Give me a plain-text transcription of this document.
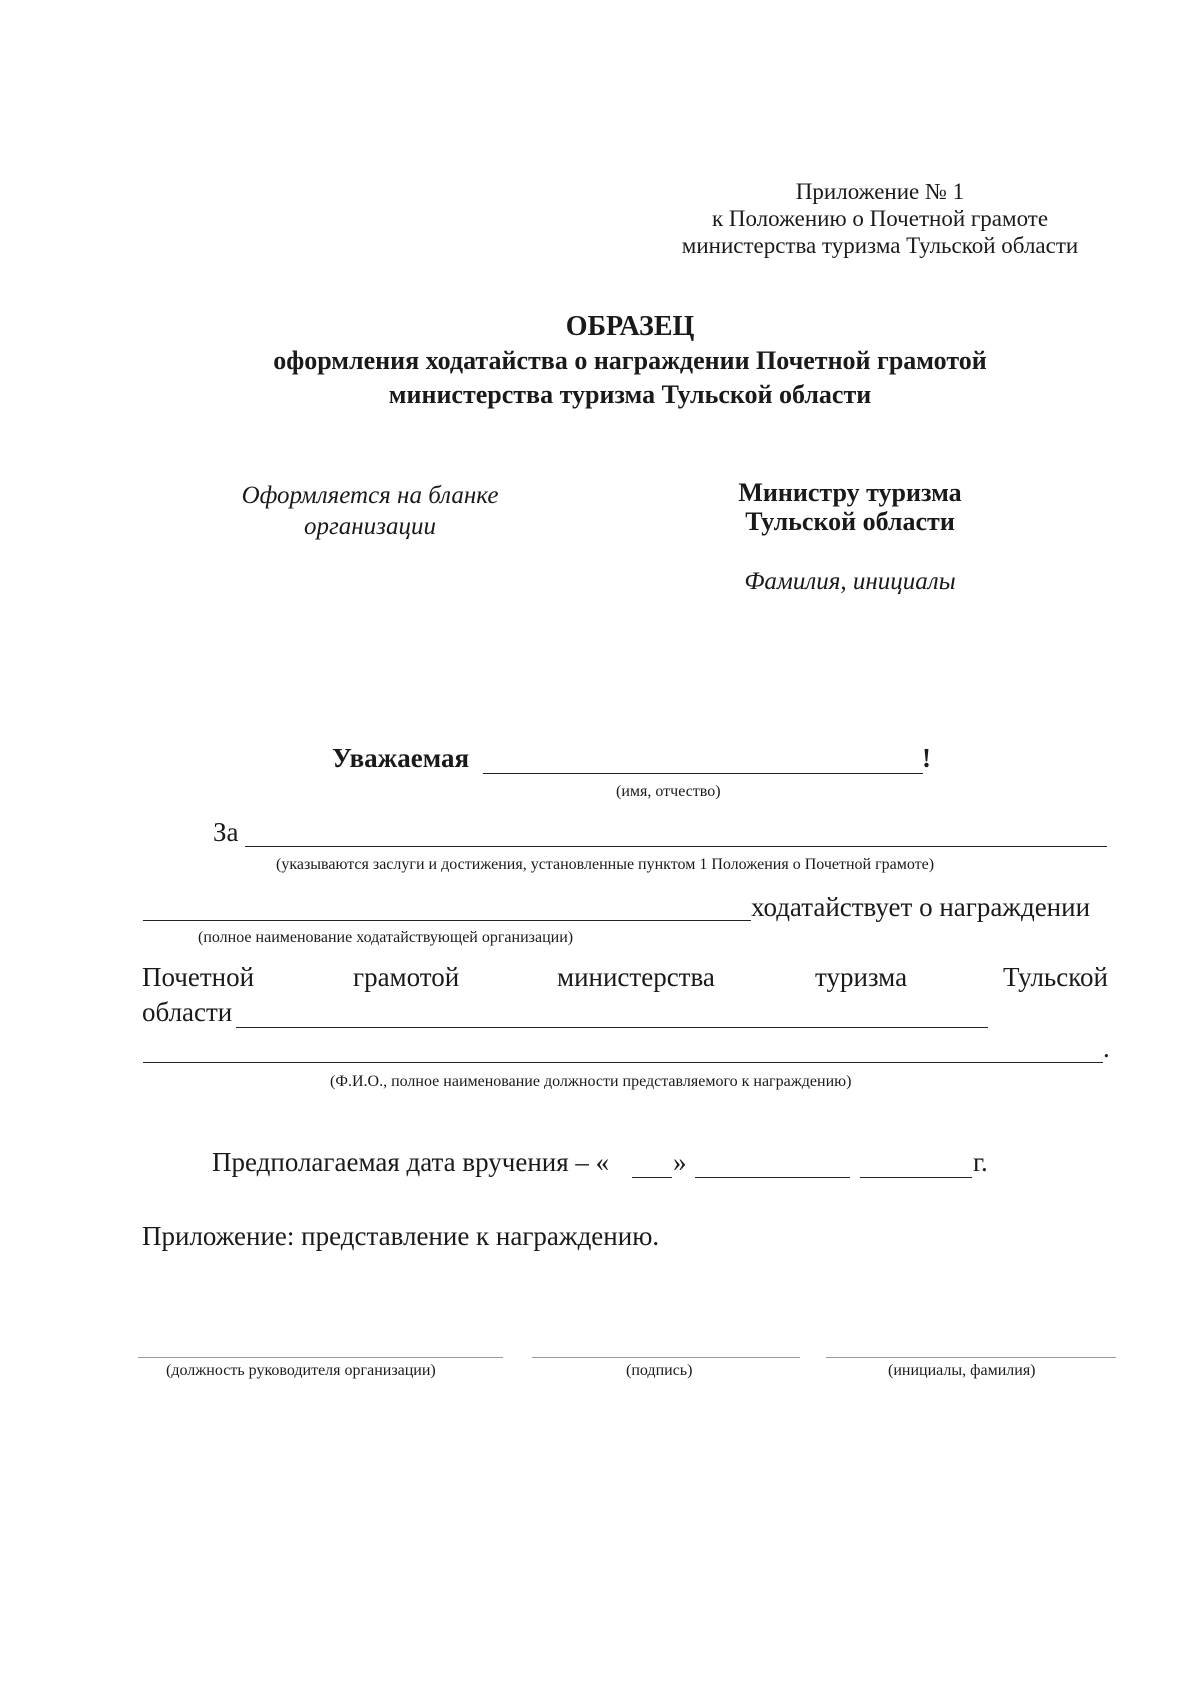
Приложение № 1
к Положению о Почетной грамоте
министерства туризма Тульской области
ОБРАЗЕЦ
оформления ходатайства о награждении Почетной грамотой
министерства туризма Тульской области
Оформляется на бланке
организации
Министру туризма
Тульской области
Фамилия, инициалы
Уважаемая	!
(имя, отчество)
За
(указываются заслуги и достижения, установленные пунктом 1 Положения о Почетной грамоте)
ходатайствует о награждении
(полное наименование ходатайствующей организации)
Почетной	грамотой	министерства	туризма	Тульской
области
.
(Ф.И.О., полное наименование должности представляемого к награждению)
Предполагаемая дата вручения – « »	г.
Приложение: представление к награждению.
(должность руководителя организации)	(подпись)	(инициалы, фамилия)
